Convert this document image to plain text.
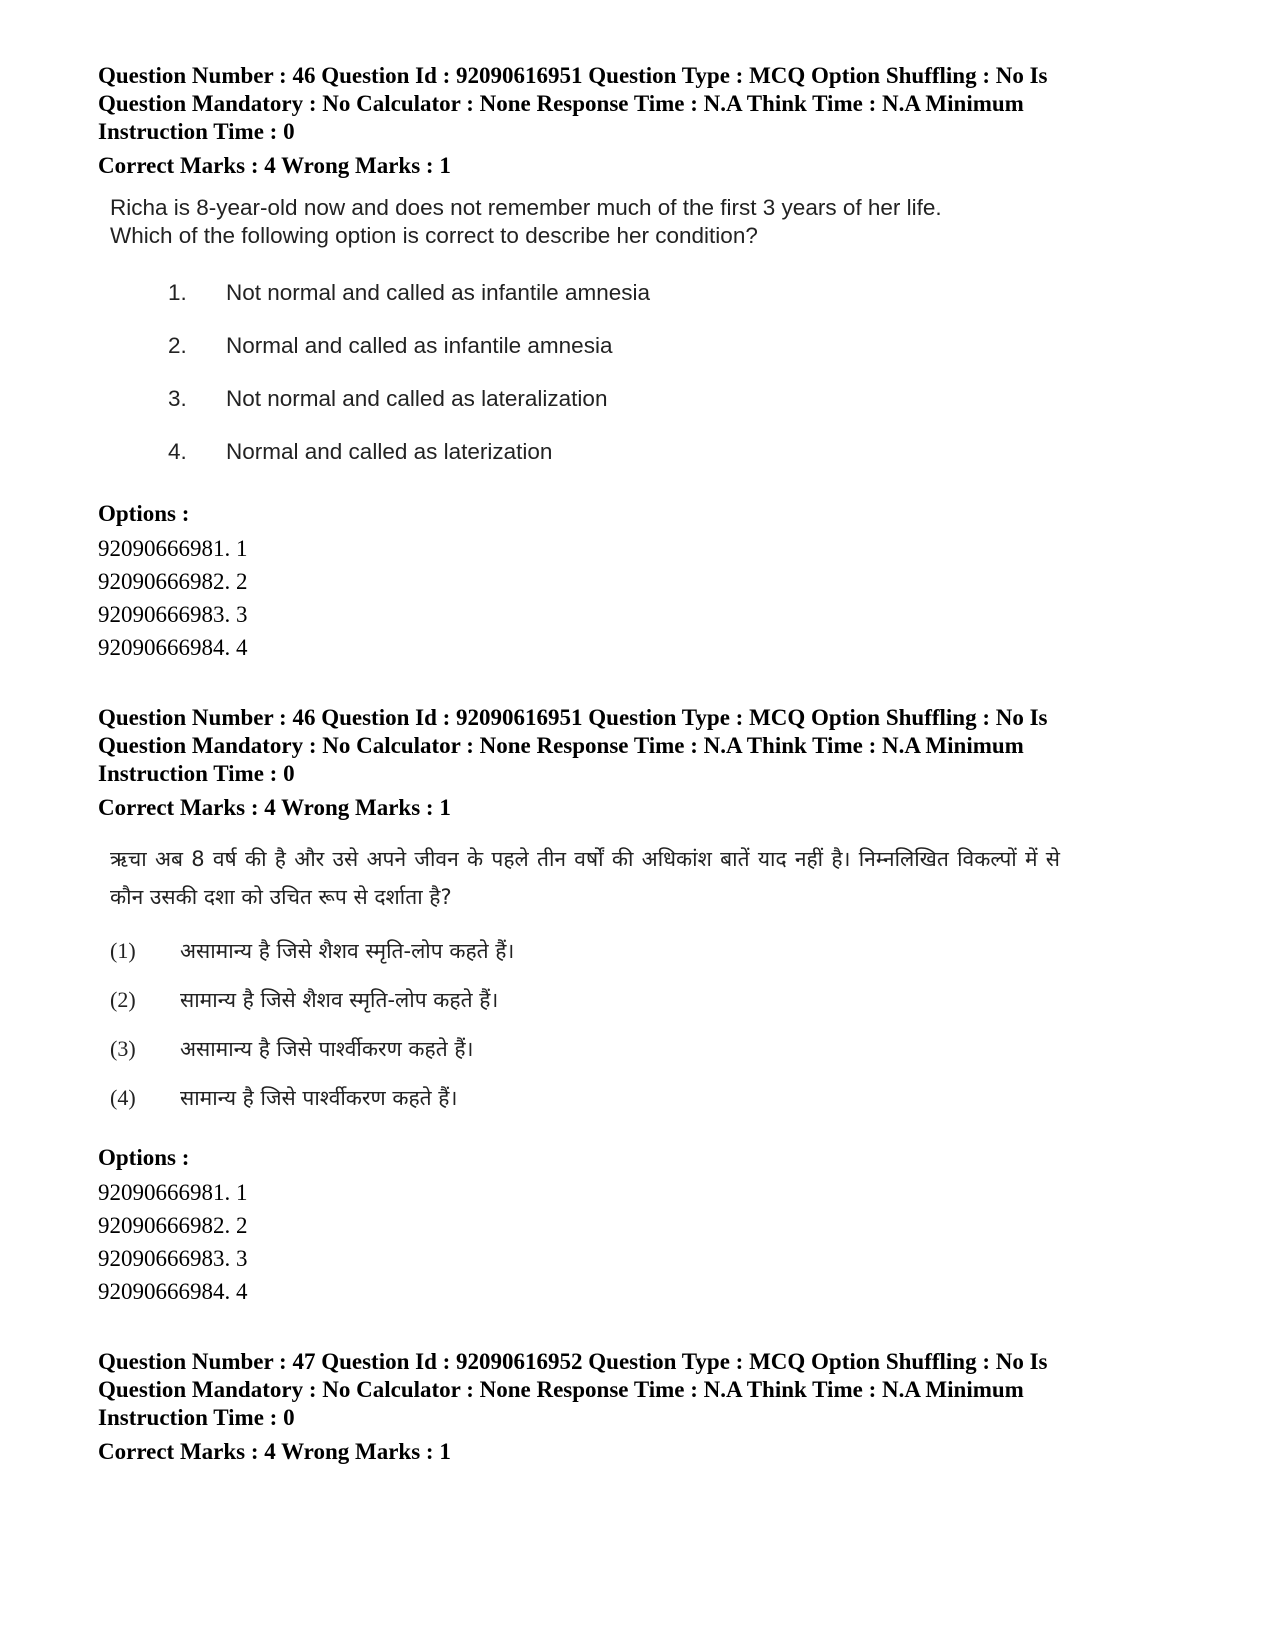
Question Number : 46 Question Id : 92090616951 Question Type : MCQ Option Shuffling : No Is
Question Mandatory : No Calculator : None Response Time : N.A Think Time : N.A Minimum
Instruction Time : 0

Correct Marks : 4 Wrong Marks : 1

Richa is 8-year-old now and does not remember much of the first 3 years of her life. Which of the following option is correct to describe her condition?

1.	Not normal and called as infantile amnesia
2.	Normal and called as infantile amnesia
3.	Not normal and called as lateralization
4.	Normal and called as laterization
Options :
92090666981. 1
92090666982. 2
92090666983. 3
92090666984. 4

Question Number : 46 Question Id : 92090616951 Question Type : MCQ Option Shuffling : No Is
Question Mandatory : No Calculator : None Response Time : N.A Think Time : N.A Minimum
Instruction Time : 0

Correct Marks : 4 Wrong Marks : 1

ऋचा अब 8 वर्ष की है और उसे अपने जीवन के पहले तीन वर्षों की अधिकांश बातें याद नहीं है। निम्नलिखित विकल्पों में से कौन उसकी दशा को उचित रूप से दर्शाता है?

(1)	असामान्य है जिसे शैशव स्मृति-लोप कहते हैं।
(2)	सामान्य है जिसे शैशव स्मृति-लोप कहते हैं।
(3)	असामान्य है जिसे पार्श्वीकरण कहते हैं।
(4)	सामान्य है जिसे पार्श्वीकरण कहते हैं।
Options :
92090666981. 1
92090666982. 2
92090666983. 3
92090666984. 4

Question Number : 47 Question Id : 92090616952 Question Type : MCQ Option Shuffling : No Is
Question Mandatory : No Calculator : None Response Time : N.A Think Time : N.A Minimum
Instruction Time : 0

Correct Marks : 4 Wrong Marks : 1
